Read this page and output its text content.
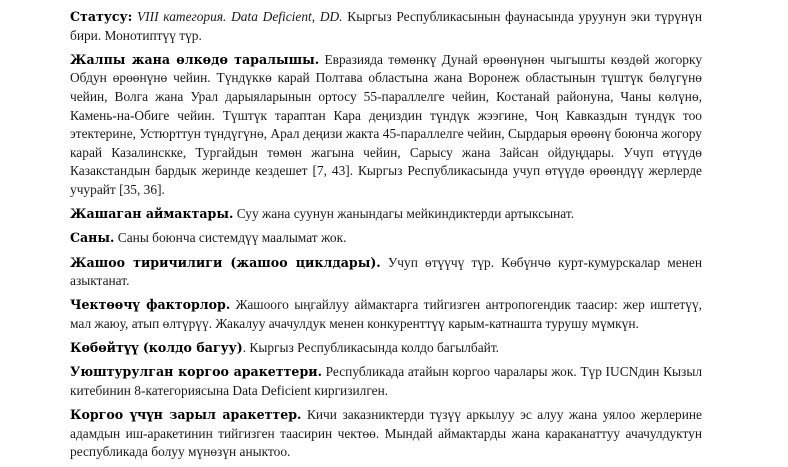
Статусу: VIII категория. Data Deficient, DD. Кыргыз Республикасынын фаунасында уруунун эки түрүнүн бири. Монотиптүү түр.

Жалпы жана өлкөдө таралышы. Евразияда төмөнкү Дунай өрөөнүнөн чыгышты көздөй жогорку Обдун өрөөнүнө чейин. Түндүккө карай Полтава областына жана Воронеж областынын түштүк бөлүгүнө чейин, Волга жана Урал дарыяларынын ортосу 55-параллелге чейин, Костанай районуна, Чаны көлүнө, Камень-на-Обиге чейин. Түштүк тараптан Кара деңиздин түндүк жээгине, Чоң Кавказдын түндүк тоо этектерине, Устюрттун түндүгүнө, Арал деңизи жакта 45-параллелге чейин, Сырдарыя өрөөнү боюнча жогору карай Казалинскке, Тургайдын төмөн жагына чейин, Сарысу жана Зайсан ойдуңдары. Учуп өтүүдө Казакстандын бардык жеринде кездешет [7, 43]. Кыргыз Республикасында учуп өтүүдө өрөөндүү жерлерде учурайт [35, 36].

Жашаган аймактары. Суу жана суунун жанындагы мейкиндиктерди артыксынат.

Саны. Саны боюнча системдүү маалымат жок.

Жашоо тиричилиги (жашоо циклдары). Учуп өтүүчү түр. Көбүнчө курт-кумурскалар менен азыктанат.

Чектөөчү факторлор. Жашоого ыңгайлуу аймактарга тийгизген антропогендик таасир: жер иштетүү, мал жаюу, атып өлтүрүү. Жакалуу ачачулдук менен конкуренттүү карым-катнашта турушу мүмкүн.

Көбөйтүү (колдо багуу). Кыргыз Республикасында колдо багылбайт.

Уюштурулган коргоо аракеттери. Республикада атайын коргоо чаралары жок. Түр IUCNдин Кызыл китебинин 8-категориясына Data Deficient киргизилген.

Коргоо үчүн зарыл аракеттер. Кичи заказниктерди түзүү аркылуу эс алуу жана уялоо жерлерине адамдын иш-аракетинин тийгизген таасирин чектөө. Мындай аймактарды жана караканаттуу ачачулдуктун республикада болуу мүнөзүн аныктоо.
